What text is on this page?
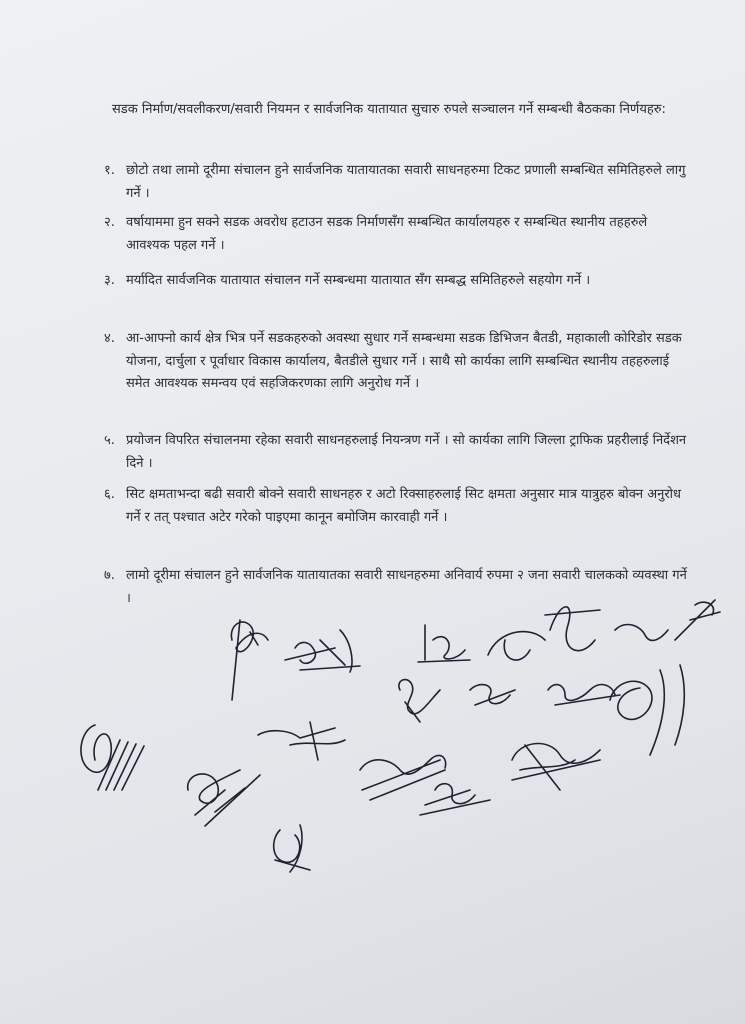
सडक निर्माण/सवलीकरण/सवारी नियमन र सार्वजनिक यातायात सुचारु रुपले सञ्चालन गर्ने सम्बन्धी बैठकका निर्णयहरु:
१. छोटो तथा लामो दूरीमा संचालन हुने सार्वजनिक यातायातका सवारी साधनहरुमा टिकट प्रणाली सम्बन्धित समितिहरुले लागु गर्ने ।
२. वर्षायाममा हुन सक्ने सडक अवरोध हटाउन सडक निर्माणसँग सम्बन्धित कार्यालयहरु र सम्बन्धित स्थानीय तहहरुले आवश्यक पहल गर्ने ।
३. मर्यादित सार्वजनिक यातायात संचालन गर्ने सम्बन्धमा यातायात सँग सम्बद्ध समितिहरुले सहयोग गर्ने ।
४. आ-आफ्नो कार्य क्षेत्र भित्र पर्ने सडकहरुको अवस्था सुधार गर्ने सम्बन्धमा सडक डिभिजन बैतडी, महाकाली कोरिडोर सडक योजना, दार्चुला र पूर्वाधार विकास कार्यालय, बैतडीले सुधार गर्ने । साथै सो कार्यका लागि सम्बन्धित स्थानीय तहहरुलाई समेत आवश्यक समन्वय एवं सहजिकरणका लागि अनुरोध गर्ने ।
५. प्रयोजन विपरित संचालनमा रहेका सवारी साधनहरुलाई नियन्त्रण गर्ने । सो कार्यका लागि जिल्ला ट्राफिक प्रहरीलाई निर्देशन दिने ।
६. सिट क्षमताभन्दा बढी सवारी बोक्ने सवारी साधनहरु र अटो रिक्साहरुलाई सिट क्षमता अनुसार मात्र यात्रुहरु बोक्न अनुरोध गर्ने र तत् पश्चात अटेर गरेको पाइएमा कानून बमोजिम कारवाही गर्ने ।
७. लामो दूरीमा संचालन हुने सार्वजनिक यातायातका सवारी साधनहरुमा अनिवार्य रुपमा २ जना सवारी चालकको व्यवस्था गर्ने ।
